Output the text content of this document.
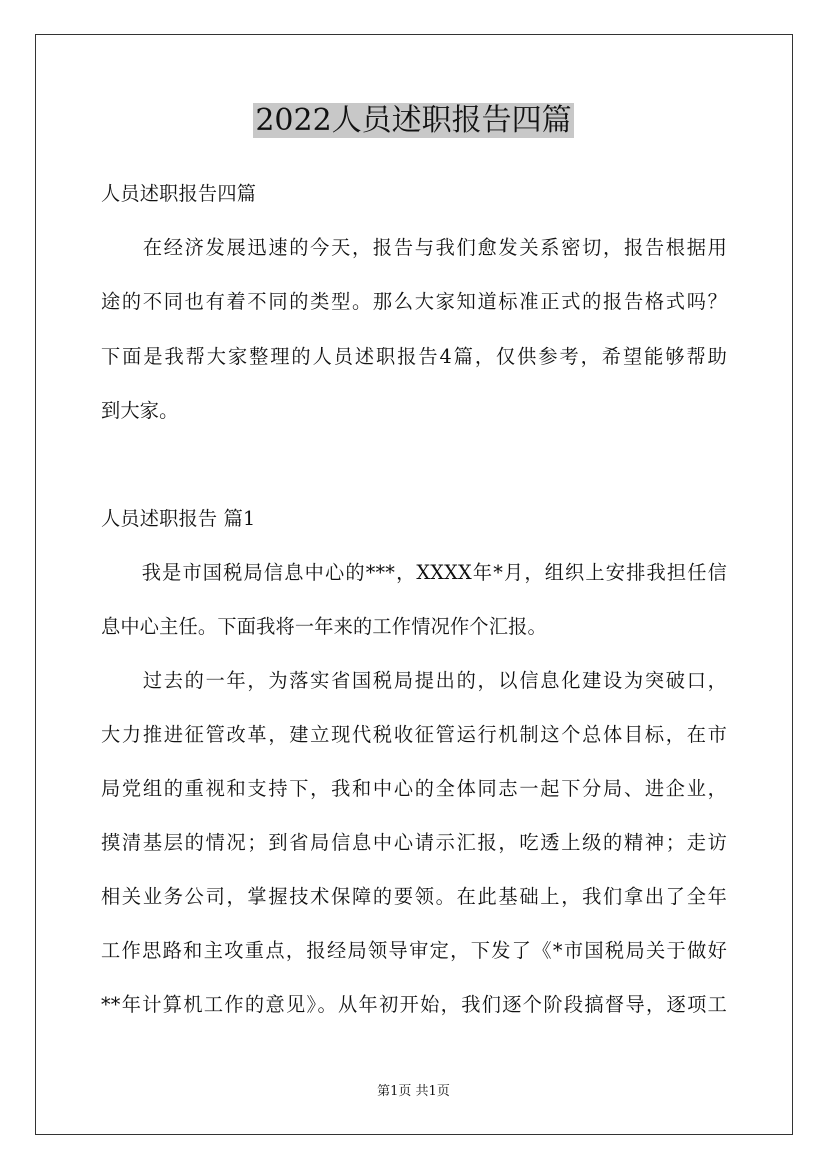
2022人员述职报告四篇
人员述职报告四篇
　　在经济发展迅速的今天，报告与我们愈发关系密切，报告根据用
途的不同也有着不同的类型。那么大家知道标准正式的报告格式吗？
下面是我帮大家整理的人员述职报告4篇，仅供参考，希望能够帮助
到大家。
人员述职报告 篇1
　　我是市国税局信息中心的***，XXXX年*月，组织上安排我担任信
息中心主任。下面我将一年来的工作情况作个汇报。
　　过去的一年，为落实省国税局提出的，以信息化建设为突破口，
大力推进征管改革，建立现代税收征管运行机制这个总体目标，在市
局党组的重视和支持下，我和中心的全体同志一起下分局、进企业，
摸清基层的情况；到省局信息中心请示汇报，吃透上级的精神；走访
相关业务公司，掌握技术保障的要领。在此基础上，我们拿出了全年
工作思路和主攻重点，报经局领导审定，下发了《*市国税局关于做好
**年计算机工作的意见》。从年初开始，我们逐个阶段搞督导，逐项工
第1页 共1页
